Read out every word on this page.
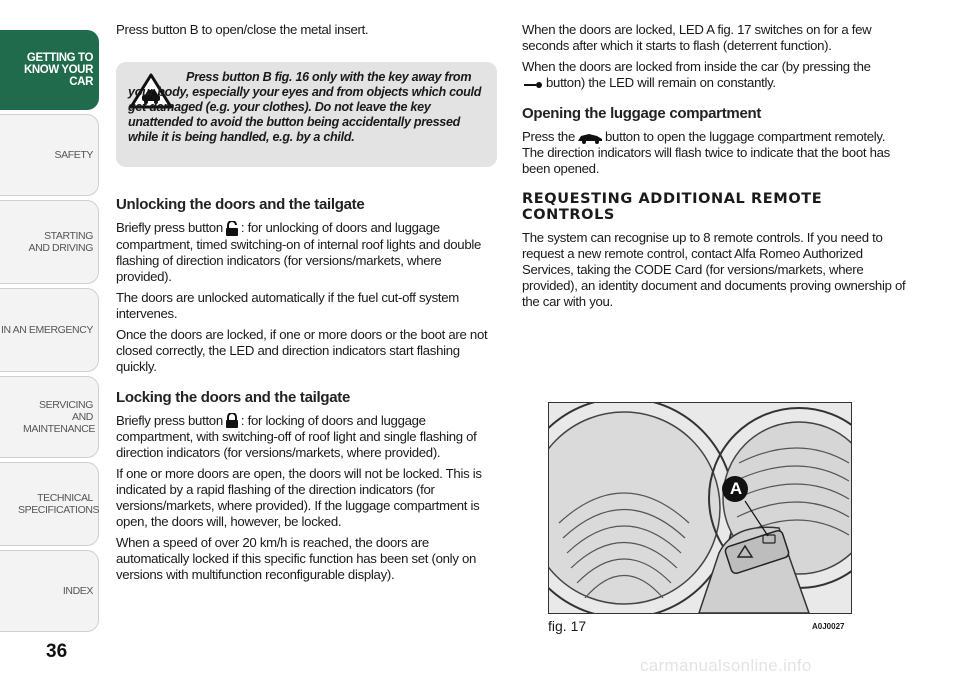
GETTING TO KNOW YOUR CAR
SAFETY
STARTING AND DRIVING
IN AN EMERGENCY
SERVICING AND MAINTENANCE
TECHNICAL SPECIFICATIONS
INDEX
36

Press button B to open/close the metal insert.

Press button B fig. 16 only with the key away from your body, especially your eyes and from objects which could get damaged (e.g. your clothes). Do not leave the key unattended to avoid the button being accidentally pressed while it is being handled, e.g. by a child.
Unlocking the doors and the tailgate

Briefly press button : for unlocking of doors and luggage compartment, timed switching-on of internal roof lights and double flashing of direction indicators (for versions/markets, where provided).

The doors are unlocked automatically if the fuel cut-off system intervenes.

Once the doors are locked, if one or more doors or the boot are not closed correctly, the LED and direction indicators start flashing quickly.

Locking the doors and the tailgate

Briefly press button : for locking of doors and luggage compartment, with switching-off of roof light and single flashing of direction indicators (for versions/markets, where provided).

If one or more doors are open, the doors will not be locked. This is indicated by a rapid flashing of the direction indicators (for versions/markets, where provided). If the luggage compartment is open, the doors will, however, be locked.

When a speed of over 20 km/h is reached, the doors are automatically locked if this specific function has been set (only on versions with multifunction reconfigurable display).

When the doors are locked, LED A fig. 17 switches on for a few seconds after which it starts to flash (deterrent function).

When the doors are locked from inside the car (by pressing the
button) the LED will remain on constantly.

Opening the luggage compartment

Press the button to open the luggage compartment remotely. The direction indicators will flash twice to indicate that the boot has been opened.

REQUESTING ADDITIONAL REMOTE CONTROLS

The system can recognise up to 8 remote controls. If you need to request a new remote control, contact Alfa Romeo Authorized Services, taking the CODE Card (for versions/markets, where provided), an identity document and documents proving ownership of the car with you.

A
fig. 17	A0J0027
carmanualsonline.info
